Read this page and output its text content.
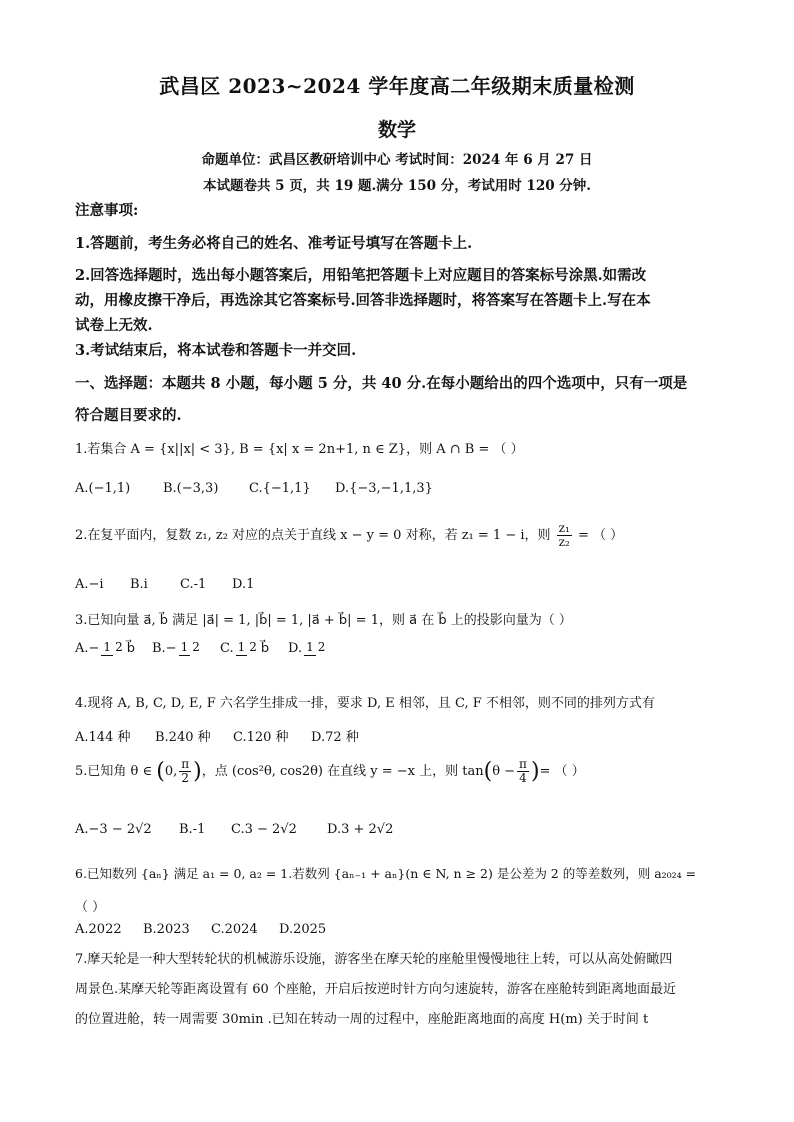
武昌区 2023~2024 学年度高二年级期末质量检测
数学
命题单位：武昌区教研培训中心 考试时间：2024 年 6 月 27 日
本试题卷共 5 页，共 19 题.满分 150 分，考试用时 120 分钟.
注意事项:
1.答题前，考生务必将自己的姓名、准考证号填写在答题卡上.
2.回答选择题时，选出每小题答案后，用铅笔把答题卡上对应题目的答案标号涂黑.如需改
动，用橡皮擦干净后，再选涂其它答案标号.回答非选择题时，将答案写在答题卡上.写在本
试卷上无效.
3.考试结束后，将本试卷和答题卡一并交回.
一、选择题：本题共 8 小题，每小题 5 分，共 40 分.在每小题给出的四个选项中，只有一项是
符合题目要求的.
1.若集合 A = {x||x| < 3}, B = {x| x = 2n+1, n ∈ Z}，则 A ∩ B = （ ）
A.(−1,1)	B.(−3,3) C.{−1,1} D.{−3,−1,1,3}
2.在复平面内，复数 z₁, z₂ 对应的点关于直线 x − y = 0 对称，若 z₁ = 1 − i，则 $\frac{\text{z₁}}{\text{z₂}}$ = （ ）
A.−i B.i C.-1 D.1
3.已知向量 a⃗, b⃗ 满足 |a⃗| = 1, |b⃗| = 1, |a⃗ + b⃗| = 1，则 a⃗ 在 b⃗ 上的投影向量为（ ）
A.− 1 2 b⃗ B.− 1 2 C. 1 2 b⃗ D. 1 2
4.现将 A, B, C, D, E, F 六名学生排成一排，要求 D, E 相邻，且 C, F 不相邻，则不同的排列方式有
A.144 种 B.240 种 C.120 种 D.72 种
5.已知角 θ ∈ (0, $\frac{\pi}{2}$ )，点 (cos²θ, cos2θ) 在直线 y = −x 上，则 $\tan(\theta - \frac{\pi}{4}$ )= （ ）
A.−3 − 2√2 B.-1 C.3 − 2√2 D.3 + 2√2
6.已知数列 {aₙ} 满足 a₁ = 0, a₂ = 1.若数列 {aₙ₋₁ + aₙ}(n ∈ N, n ≥ 2) 是公差为 2 的等差数列，则 a₂₀₂₄ =
（ ）
A.2022 B.2023 C.2024 D.2025
7.摩天轮是一种大型转轮状的机械游乐设施，游客坐在摩天轮的座舱里慢慢地往上转，可以从高处俯瞰四
周景色.某摩天轮等距离设置有 60 个座舱，开启后按逆时针方向匀速旋转，游客在座舱转到距离地面最近
的位置进舱，转一周需要 30min .已知在转动一周的过程中，座舱距离地面的高度 H(m) 关于时间 t
